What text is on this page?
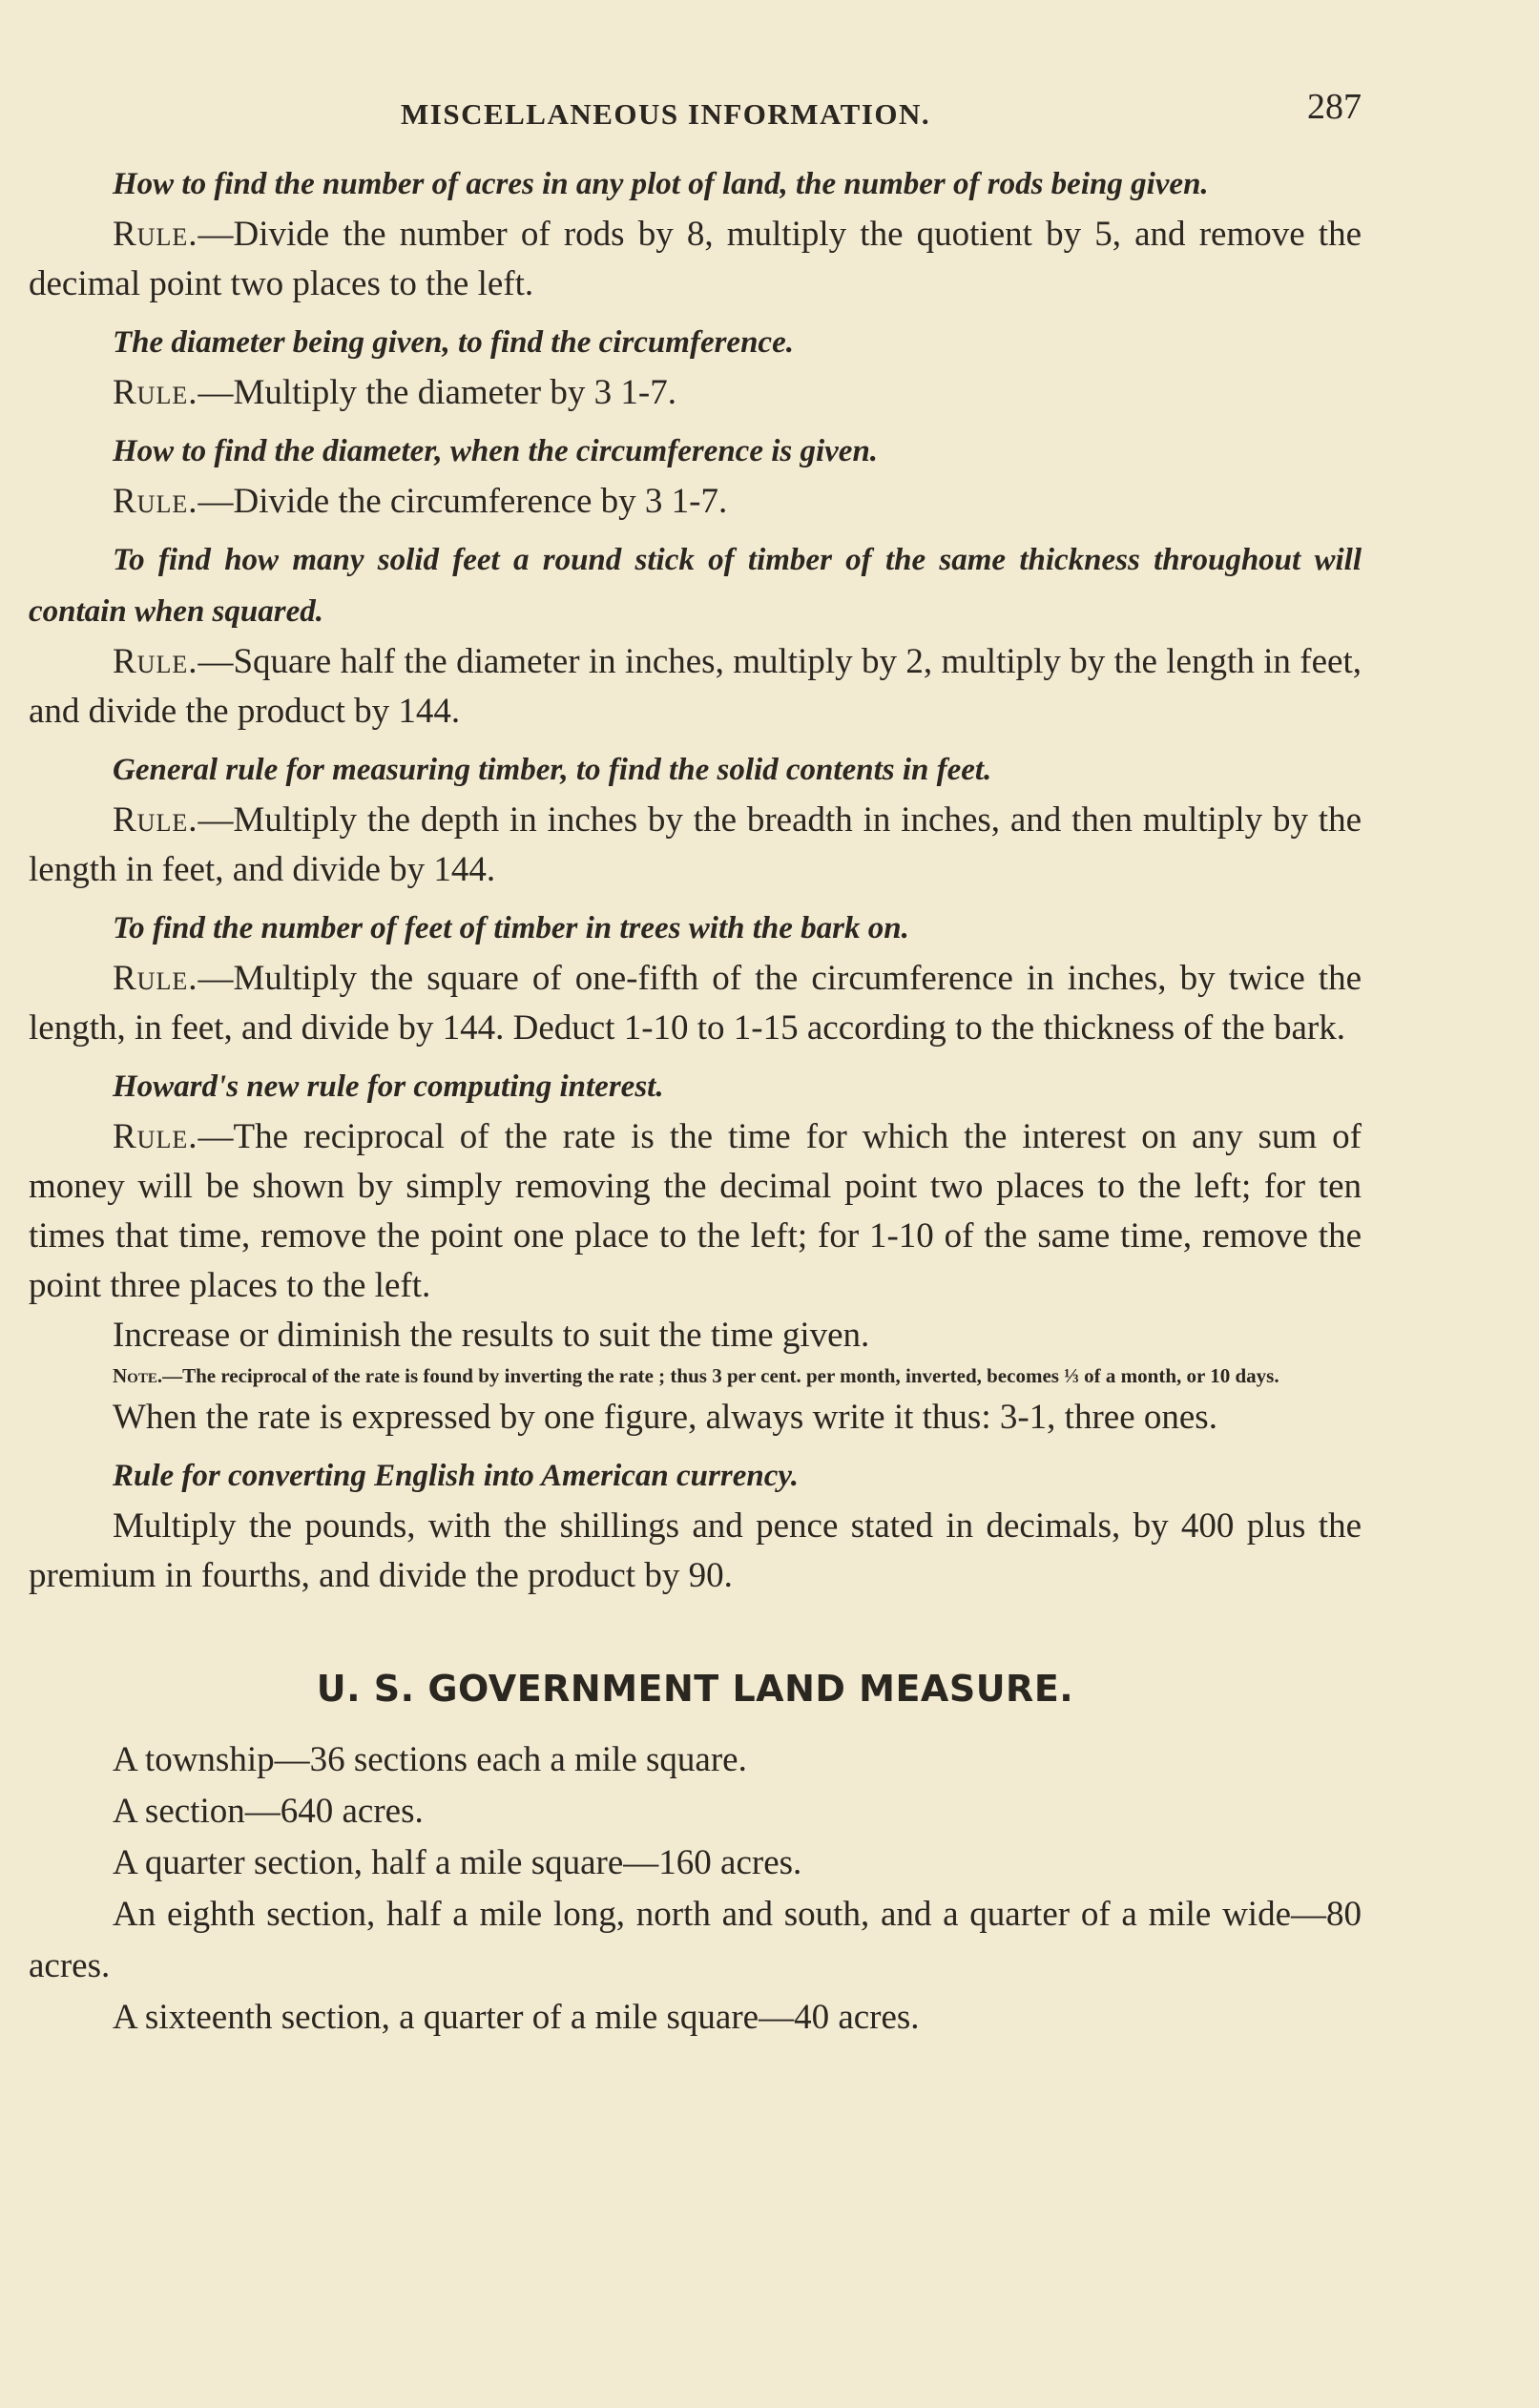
MISCELLANEOUS INFORMATION.	287
How to find the number of acres in any plot of land, the number of rods being given.
Rule.—Divide the number of rods by 8, multiply the quotient by 5, and remove the decimal point two places to the left.
The diameter being given, to find the circumference.
Rule.—Multiply the diameter by 3 1-7.
How to find the diameter, when the circumference is given.
Rule.—Divide the circumference by 3 1-7.
To find how many solid feet a round stick of timber of the same thickness throughout will contain when squared.
Rule.—Square half the diameter in inches, multiply by 2, multiply by the length in feet, and divide the product by 144.
General rule for measuring timber, to find the solid contents in feet.
Rule.—Multiply the depth in inches by the breadth in inches, and then multiply by the length in feet, and divide by 144.
To find the number of feet of timber in trees with the bark on.
Rule.—Multiply the square of one-fifth of the circumference in inches, by twice the length, in feet, and divide by 144. Deduct 1-10 to 1-15 according to the thickness of the bark.
Howard's new rule for computing interest.
Rule.—The reciprocal of the rate is the time for which the interest on any sum of money will be shown by simply removing the decimal point two places to the left; for ten times that time, remove the point one place to the left; for 1-10 of the same time, remove the point three places to the left.
Increase or diminish the results to suit the time given.
Note.—The reciprocal of the rate is found by inverting the rate ; thus 3 per cent. per month, inverted, becomes ⅓ of a month, or 10 days.
When the rate is expressed by one figure, always write it thus: 3-1, three ones.
Rule for converting English into American currency.
Multiply the pounds, with the shillings and pence stated in decimals, by 400 plus the premium in fourths, and divide the product by 90.
U. S. GOVERNMENT LAND MEASURE.
A township—36 sections each a mile square.
A section—640 acres.
A quarter section, half a mile square—160 acres.
An eighth section, half a mile long, north and south, and a quarter of a mile wide—80 acres.
A sixteenth section, a quarter of a mile square—40 acres.
